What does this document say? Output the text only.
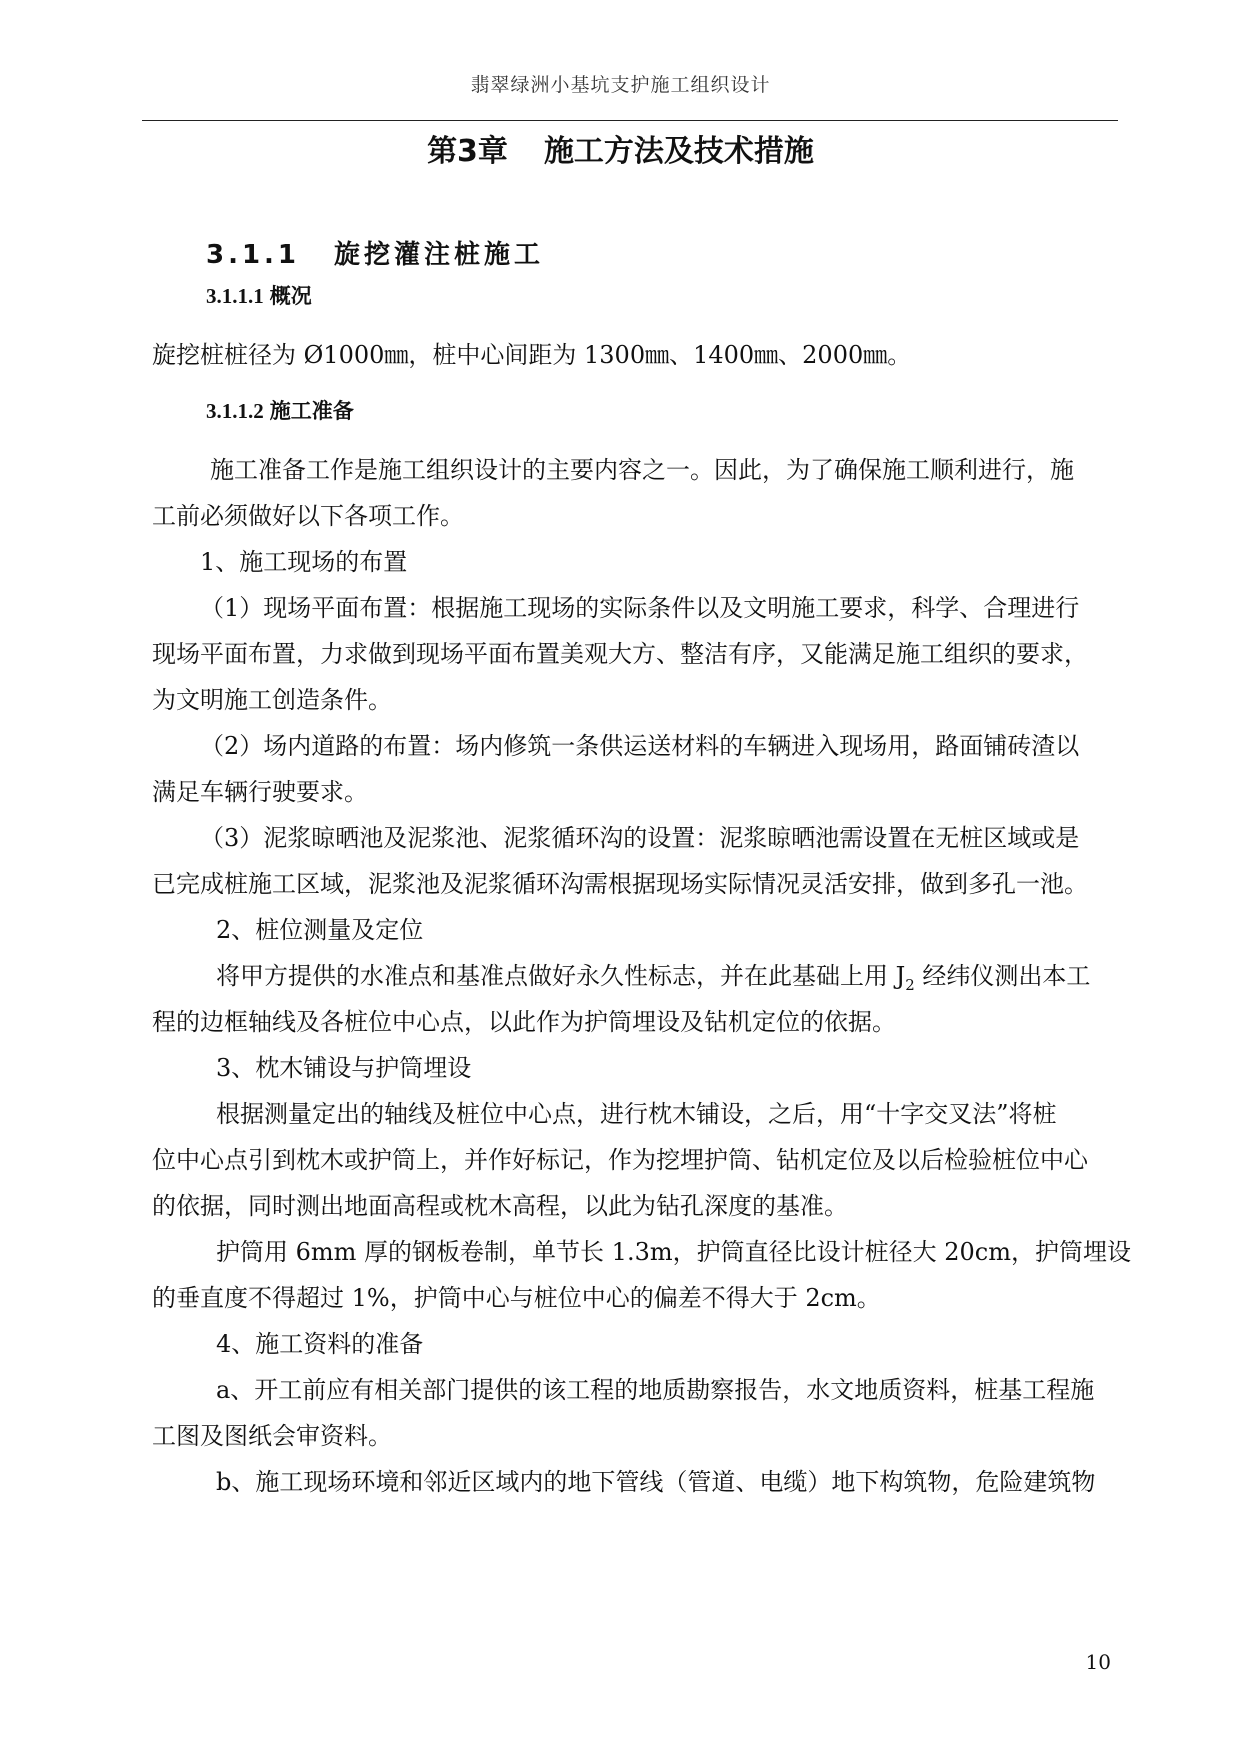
翡翠绿洲小基坑支护施工组织设计
第3章 施工方法及技术措施
3.1.1 旋挖灌注桩施工
3.1.1.1 概况
旋挖桩桩径为 Ø1000㎜，桩中心间距为 1300㎜、1400㎜、2000㎜。
3.1.1.2 施工准备
施工准备工作是施工组织设计的主要内容之一。因此，为了确保施工顺利进行，施
工前必须做好以下各项工作。
1、施工现场的布置
（1）现场平面布置：根据施工现场的实际条件以及文明施工要求，科学、合理进行
现场平面布置，力求做到现场平面布置美观大方、整洁有序，又能满足施工组织的要求，
为文明施工创造条件。
（2）场内道路的布置：场内修筑一条供运送材料的车辆进入现场用，路面铺砖渣以
满足车辆行驶要求。
（3）泥浆晾晒池及泥浆池、泥浆循环沟的设置：泥浆晾晒池需设置在无桩区域或是
已完成桩施工区域，泥浆池及泥浆循环沟需根据现场实际情况灵活安排，做到多孔一池。
2、桩位测量及定位
将甲方提供的水准点和基准点做好永久性标志，并在此基础上用 $J_2$ 经纬仪测出本工
程的边框轴线及各桩位中心点，以此作为护筒埋设及钻机定位的依据。
3、枕木铺设与护筒埋设
根据测量定出的轴线及桩位中心点，进行枕木铺设，之后，用“十字交叉法”将桩
位中心点引到枕木或护筒上，并作好标记，作为挖埋护筒、钻机定位及以后检验桩位中心
的依据，同时测出地面高程或枕木高程，以此为钻孔深度的基准。
护筒用 6mm 厚的钢板卷制，单节长 1.3m，护筒直径比设计桩径大 20cm，护筒埋设
的垂直度不得超过 1%，护筒中心与桩位中心的偏差不得大于 2cm。
4、施工资料的准备
a、开工前应有相关部门提供的该工程的地质勘察报告，水文地质资料，桩基工程施
工图及图纸会审资料。
b、施工现场环境和邻近区域内的地下管线（管道、电缆）地下构筑物，危险建筑物
10
